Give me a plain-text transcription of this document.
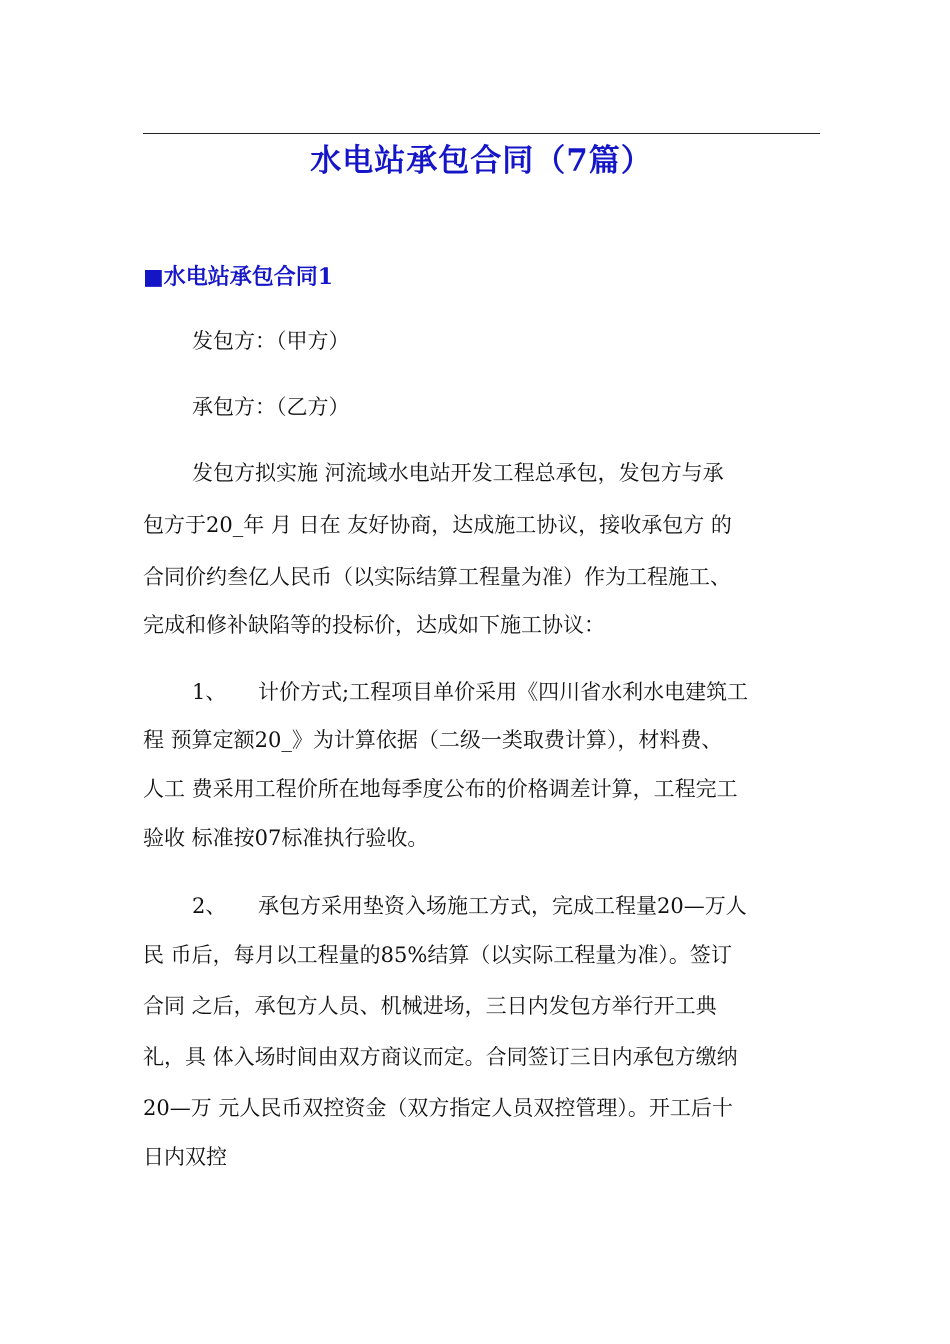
水电站承包合同（7篇）
■水电站承包合同1
发包方：（甲方）
承包方：（乙方）
发包方拟实施 河流域水电站开发工程总承包，发包方与承
包方于20_年 月 日在 友好协商，达成施工协议，接收承包方 的
合同价约叁亿人民币（以实际结算工程量为准）作为工程施工、
完成和修补缺陷等的投标价，达成如下施工协议：
1、 计价方式;工程项目单价采用《四川省水利水电建筑工
程 预算定额20_》为计算依据（二级一类取费计算），材料费、
人工 费采用工程价所在地每季度公布的价格调差计算，工程完工
验收 标准按07标准执行验收。
2、 承包方采用垫资入场施工方式，完成工程量20—万人
民 币后，每月以工程量的85%结算（以实际工程量为准）。签订
合同 之后，承包方人员、机械进场，三日内发包方举行开工典
礼，具 体入场时间由双方商议而定。合同签订三日内承包方缴纳
20—万 元人民币双控资金（双方指定人员双控管理）。开工后十
日内双控
